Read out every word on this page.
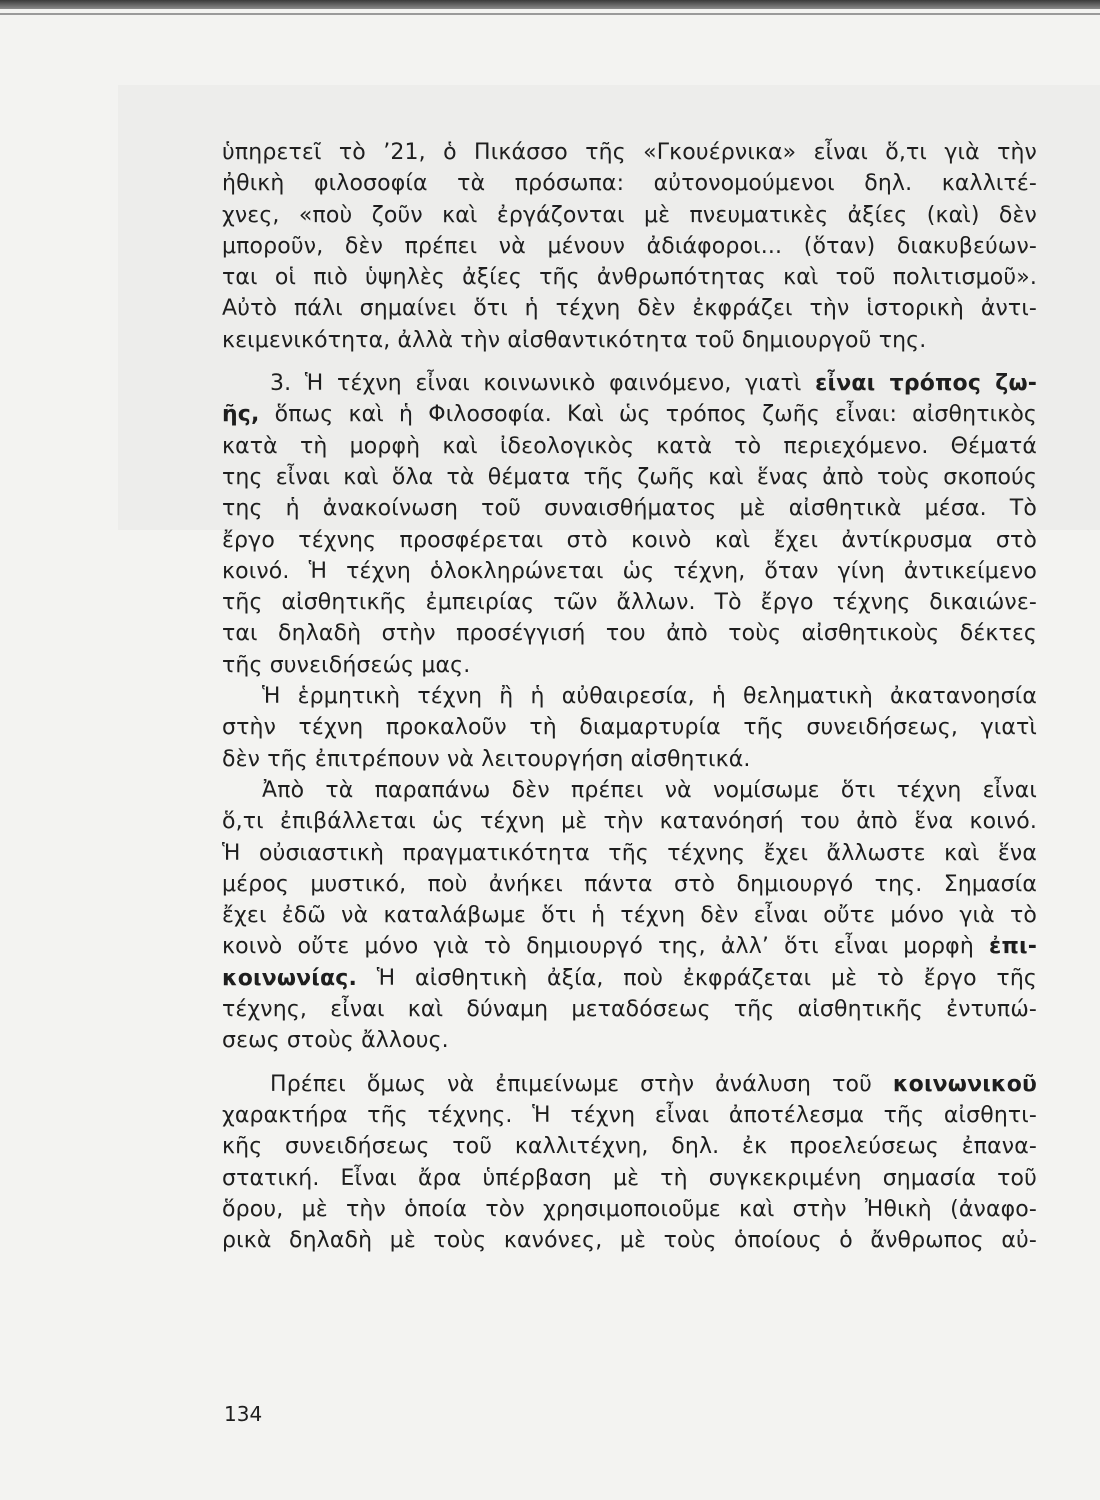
ὑπηρετεῖ τὸ ’21, ὁ Πικάσσο τῆς «Γκουέρνικα» εἶναι ὅ,τι γιὰ τὴν
ἠθικὴ φιλοσοφία τὰ πρόσωπα: αὐτονομούμενοι δηλ. καλλιτέ-
χνες, «ποὺ ζοῦν καὶ ἐργάζονται μὲ πνευματικὲς ἀξίες (καὶ) δὲν
μποροῦν, δὲν πρέπει νὰ μένουν ἀδιάφοροι... (ὅταν) διακυβεύων-
ται οἱ πιὸ ὑψηλὲς ἀξίες τῆς ἀνθρωπότητας καὶ τοῦ πολιτισμοῦ».
Αὐτὸ πάλι σημαίνει ὅτι ἡ τέχνη δὲν ἐκφράζει τὴν ἱστορικὴ ἀντι-
κειμενικότητα, ἀλλὰ τὴν αἰσθαντικότητα τοῦ δημιουργοῦ της.
3. Ἡ τέχνη εἶναι κοινωνικὸ φαινόμενο, γιατὶ εἶναι τρόπος ζω-
ῆς, ὅπως καὶ ἡ Φιλοσοφία. Καὶ ὡς τρόπος ζωῆς εἶναι: αἰσθητικὸς
κατὰ τὴ μορφὴ καὶ ἰδεολογικὸς κατὰ τὸ περιεχόμενο. Θέματά
της εἶναι καὶ ὅλα τὰ θέματα τῆς ζωῆς καὶ ἕνας ἀπὸ τοὺς σκοπούς
της ἡ ἀνακοίνωση τοῦ συναισθήματος μὲ αἰσθητικὰ μέσα. Τὸ
ἔργο τέχνης προσφέρεται στὸ κοινὸ καὶ ἔχει ἀντίκρυσμα στὸ
κοινό. Ἡ τέχνη ὁλοκληρώνεται ὡς τέχνη, ὅταν γίνη ἀντικείμενο
τῆς αἰσθητικῆς ἐμπειρίας τῶν ἄλλων. Τὸ ἔργο τέχνης δικαιώνε-
ται δηλαδὴ στὴν προσέγγισή του ἀπὸ τοὺς αἰσθητικοὺς δέκτες
τῆς συνειδήσεώς μας.
Ἡ ἑρμητικὴ τέχνη ἢ ἡ αὐθαιρεσία, ἡ θεληματικὴ ἀκατανοησία
στὴν τέχνη προκαλοῦν τὴ διαμαρτυρία τῆς συνειδήσεως, γιατὶ
δὲν τῆς ἐπιτρέπουν νὰ λειτουργήση αἰσθητικά.
Ἀπὸ τὰ παραπάνω δὲν πρέπει νὰ νομίσωμε ὅτι τέχνη εἶναι
ὅ,τι ἐπιβάλλεται ὡς τέχνη μὲ τὴν κατανόησή του ἀπὸ ἕνα κοινό.
Ἡ οὐσιαστικὴ πραγματικότητα τῆς τέχνης ἔχει ἄλλωστε καὶ ἕνα
μέρος μυστικό, ποὺ ἀνήκει πάντα στὸ δημιουργό της. Σημασία
ἔχει ἐδῶ νὰ καταλάβωμε ὅτι ἡ τέχνη δὲν εἶναι οὔτε μόνο γιὰ τὸ
κοινὸ οὔτε μόνο γιὰ τὸ δημιουργό της, ἀλλ’ ὅτι εἶναι μορφὴ ἐπι-
κοινωνίας. Ἡ αἰσθητικὴ ἀξία, ποὺ ἐκφράζεται μὲ τὸ ἔργο τῆς
τέχνης, εἶναι καὶ δύναμη μεταδόσεως τῆς αἰσθητικῆς ἐντυπώ-
σεως στοὺς ἄλλους.
Πρέπει ὅμως νὰ ἐπιμείνωμε στὴν ἀνάλυση τοῦ κοινωνικοῦ
χαρακτήρα τῆς τέχνης. Ἡ τέχνη εἶναι ἀποτέλεσμα τῆς αἰσθητι-
κῆς συνειδήσεως τοῦ καλλιτέχνη, δηλ. ἐκ προελεύσεως ἐπανα-
στατική. Εἶναι ἄρα ὑπέρβαση μὲ τὴ συγκεκριμένη σημασία τοῦ
ὅρου, μὲ τὴν ὁποία τὸν χρησιμοποιοῦμε καὶ στὴν Ἠθικὴ (ἀναφο-
ρικὰ δηλαδὴ μὲ τοὺς κανόνες, μὲ τοὺς ὁποίους ὁ ἄνθρωπος αὐ-
134
